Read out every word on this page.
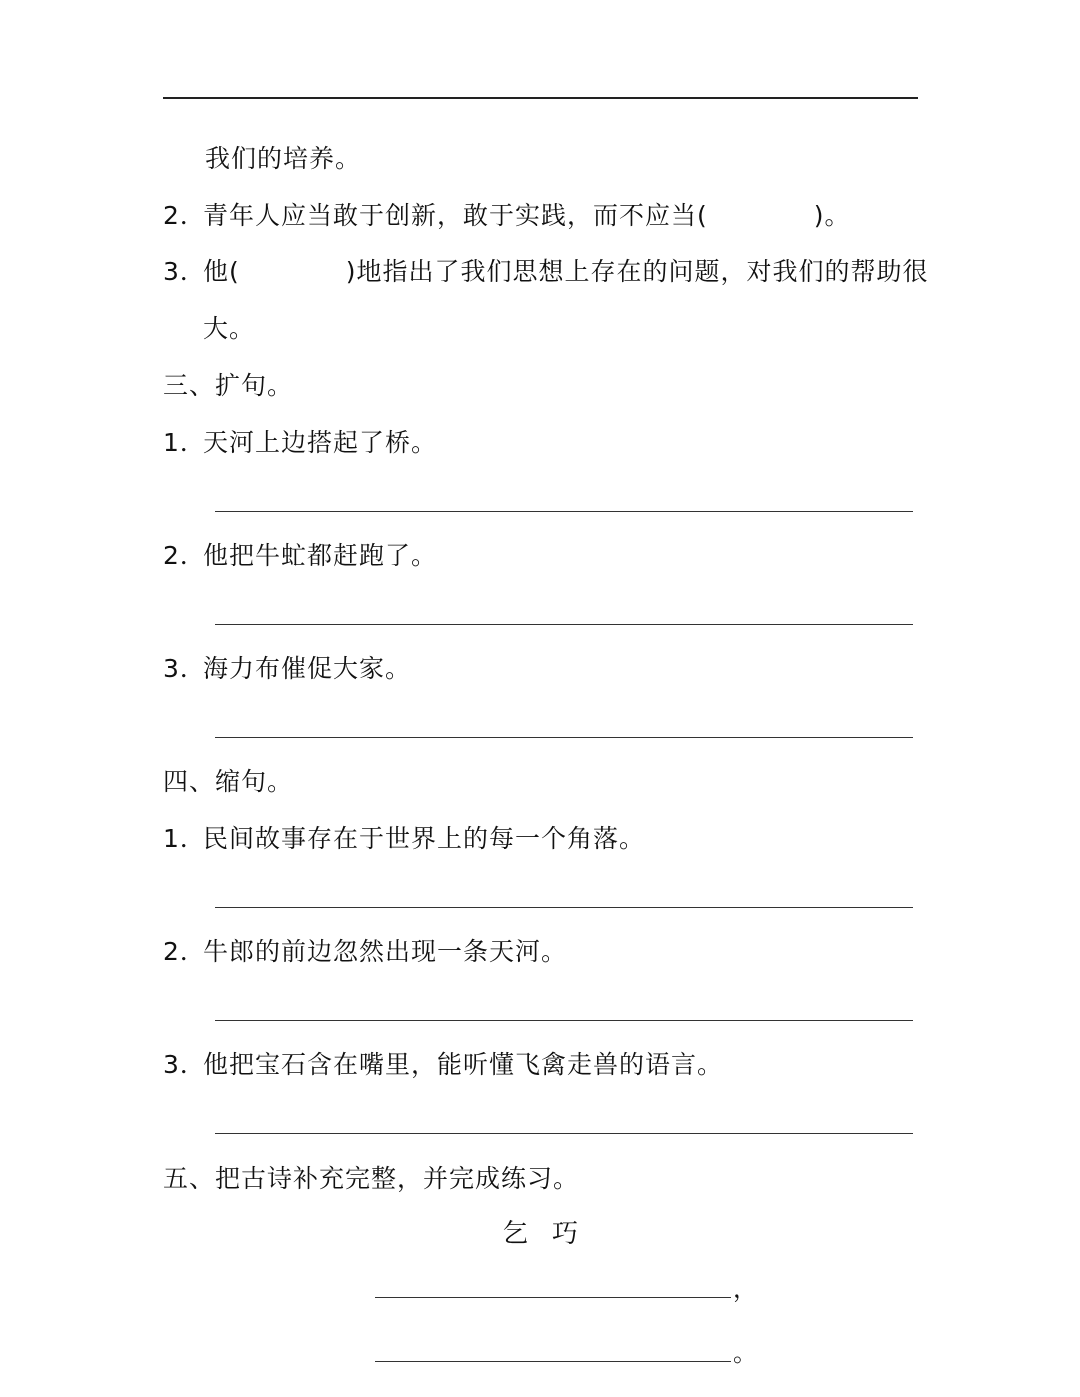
我们的培养。
2．青年人应当敢于创新，敢于实践，而不应当(	)。
3．他(	)地指出了我们思想上存在的问题，对我们的帮助很
大。
三、扩句。
1．天河上边搭起了桥。
2．他把牛虻都赶跑了。
3．海力布催促大家。
四、缩句。
1．民间故事存在于世界上的每一个角落。
2．牛郎的前边忽然出现一条天河。
3．他把宝石含在嘴里，能听懂飞禽走兽的语言。
五、把古诗补充完整，并完成练习。
乞巧
，
。
